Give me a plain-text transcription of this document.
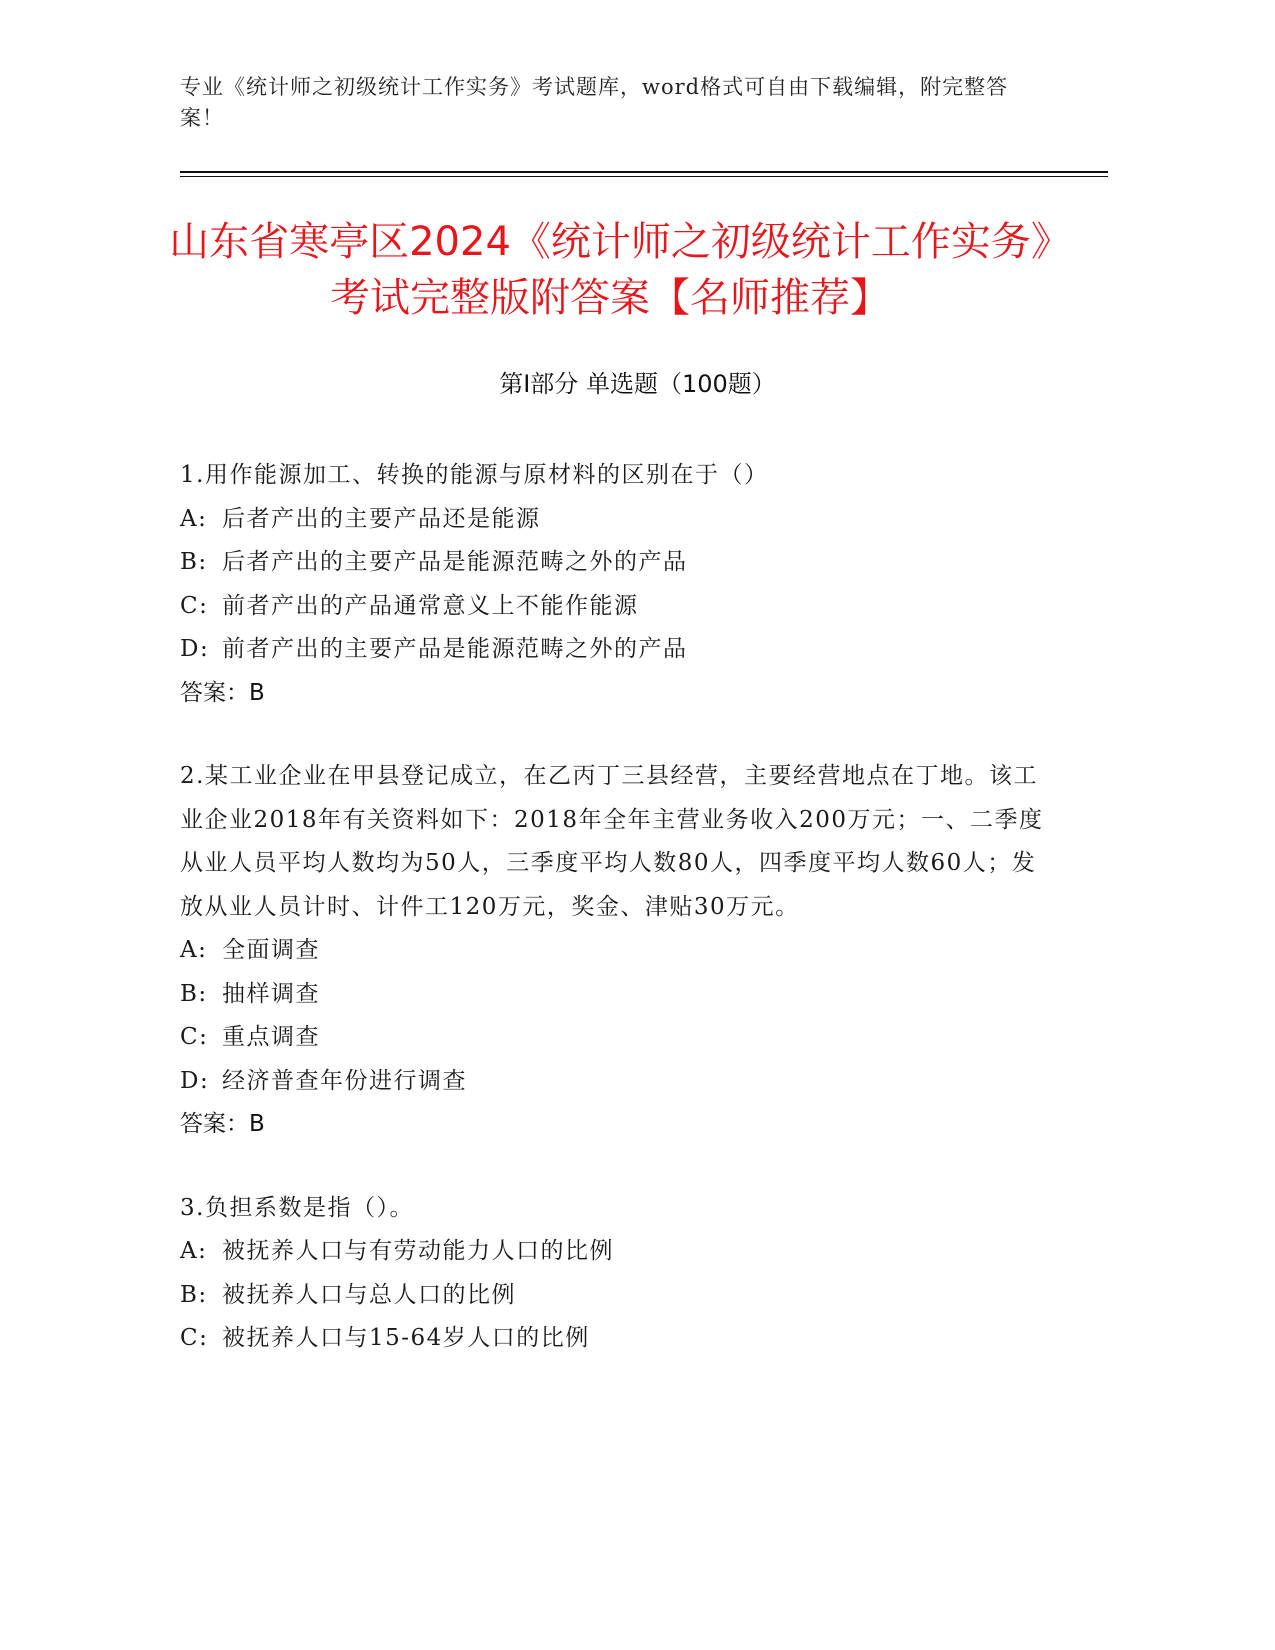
专业《统计师之初级统计工作实务》考试题库，word格式可自由下载编辑，附完整答案！
山东省寒亭区2024《统计师之初级统计工作实务》考试完整版附答案【名师推荐】
第I部分 单选题（100题）
1.用作能源加工、转换的能源与原材料的区别在于（）
A: 后者产出的主要产品还是能源
B: 后者产出的主要产品是能源范畴之外的产品
C: 前者产出的产品通常意义上不能作能源
D: 前者产出的主要产品是能源范畴之外的产品
答案：B
2.某工业企业在甲县登记成立，在乙丙丁三县经营，主要经营地点在丁地。该工业企业2018年有关资料如下：2018年全年主营业务收入200万元；一、二季度从业人员平均人数均为50人，三季度平均人数80人，四季度平均人数60人；发放从业人员计时、计件工120万元，奖金、津贴30万元。
A: 全面调查
B: 抽样调查
C: 重点调查
D: 经济普查年份进行调查
答案：B
3.负担系数是指（）。
A: 被抚养人口与有劳动能力人口的比例
B: 被抚养人口与总人口的比例
C: 被抚养人口与15-64岁人口的比例
